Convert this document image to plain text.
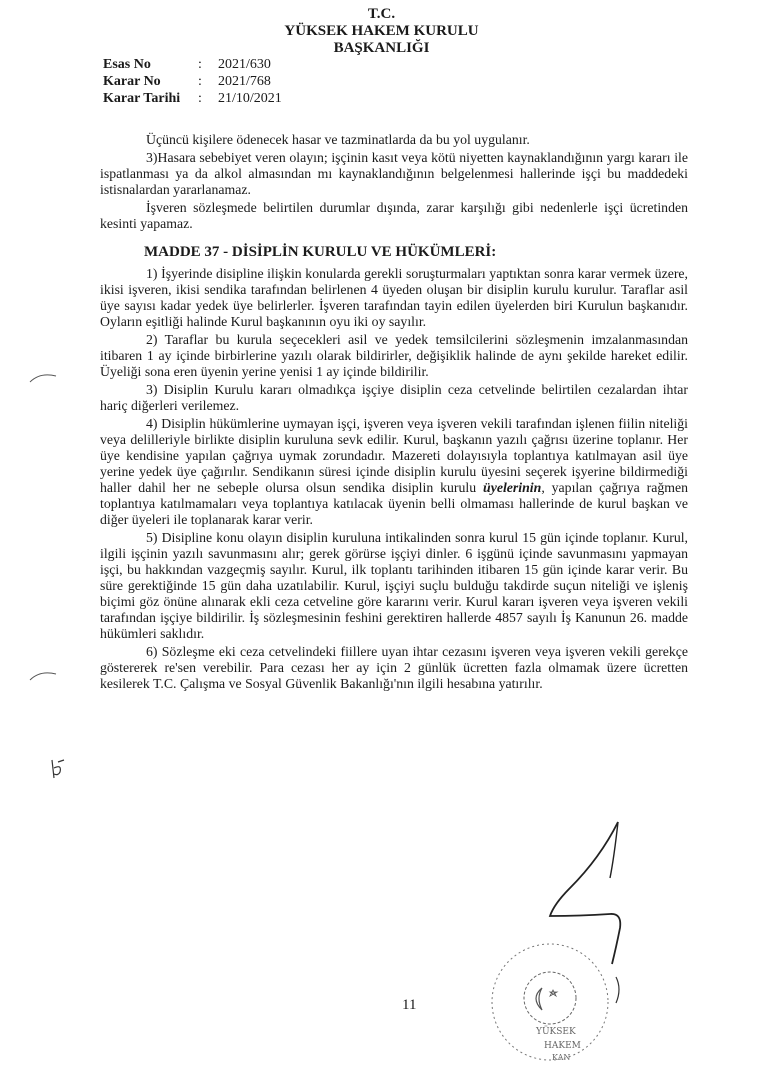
T.C.
YÜKSEK HAKEM KURULU
BAŞKANLIĞI
Esas No	:	2021/630
Karar No	:	2021/768
Karar Tarihi	:	21/10/2021

Üçüncü kişilere ödenecek hasar ve tazminatlarda da bu yol uygulanır.

3)Hasara sebebiyet veren olayın; işçinin kasıt veya kötü niyetten kaynaklandığının yargı kararı ile ispatlanması ya da alkol almasından mı kaynaklandığının belgelenmesi hallerinde işçi bu maddedeki istisnalardan yararlanamaz.

İşveren sözleşmede belirtilen durumlar dışında, zarar karşılığı gibi nedenlerle işçi ücretinden kesinti yapamaz.

MADDE 37 - DİSİPLİN KURULU VE HÜKÜMLERİ:

1) İşyerinde disipline ilişkin konularda gerekli soruşturmaları yaptıktan sonra karar vermek üzere, ikisi işveren, ikisi sendika tarafından belirlenen 4 üyeden oluşan bir disiplin kurulu kurulur. Taraflar asil üye sayısı kadar yedek üye belirlerler. İşveren tarafından tayin edilen üyelerden biri Kurulun başkanıdır. Oyların eşitliği halinde Kurul başkanının oyu iki oy sayılır.

2) Taraflar bu kurula seçecekleri asil ve yedek temsilcilerini sözleşmenin imzalanmasından itibaren 1 ay içinde birbirlerine yazılı olarak bildirirler, değişiklik halinde de aynı şekilde hareket edilir. Üyeliği sona eren üyenin yerine yenisi 1 ay içinde bildirilir.

3) Disiplin Kurulu kararı olmadıkça işçiye disiplin ceza cetvelinde belirtilen cezalardan ihtar hariç diğerleri verilemez.

4) Disiplin hükümlerine uymayan işçi, işveren veya işveren vekili tarafından işlenen fiilin niteliği veya delilleriyle birlikte disiplin kuruluna sevk edilir. Kurul, başkanın yazılı çağrısı üzerine toplanır. Her üye kendisine yapılan çağrıya uymak zorundadır. Mazereti dolayısıyla toplantıya katılmayan asil üye yerine yedek üye çağırılır. Sendikanın süresi içinde disiplin kurulu üyesini seçerek işyerine bildirmediği haller dahil her ne sebeple olursa olsun sendika disiplin kurulu üyelerinin, yapılan çağrıya rağmen toplantıya katılmamaları veya toplantıya katılacak üyenin belli olmaması hallerinde de kurul başkan ve diğer üyeleri ile toplanarak karar verir.

5) Disipline konu olayın disiplin kuruluna intikalinden sonra kurul 15 gün içinde toplanır. Kurul, ilgili işçinin yazılı savunmasını alır; gerek görürse işçiyi dinler. 6 işgünü içinde savunmasını yapmayan işçi, bu hakkından vazgeçmiş sayılır. Kurul, ilk toplantı tarihinden itibaren 15 gün içinde karar verir. Bu süre gerektiğinde 15 gün daha uzatılabilir. Kurul, işçiyi suçlu bulduğu takdirde suçun niteliği ve işleniş biçimi göz önüne alınarak ekli ceza cetveline göre kararını verir. Kurul kararı işveren veya işveren vekili tarafından işçiye bildirilir. İş sözleşmesinin feshini gerektiren hallerde 4857 sayılı İş Kanunun 26. madde hükümleri saklıdır.

6) Sözleşme eki ceza cetvelindeki fiillere uyan ihtar cezasını işveren veya işveren vekili gerekçe göstererek re'sen verebilir. Para cezası her ay için 2 günlük ücretten fazla olmamak üzere ücretten kesilerek T.C. Çalışma ve Sosyal Güvenlik Bakanlığı'nın ilgili hesabına yatırılır.

YÜKSEK
HAKEM
KAN
11
